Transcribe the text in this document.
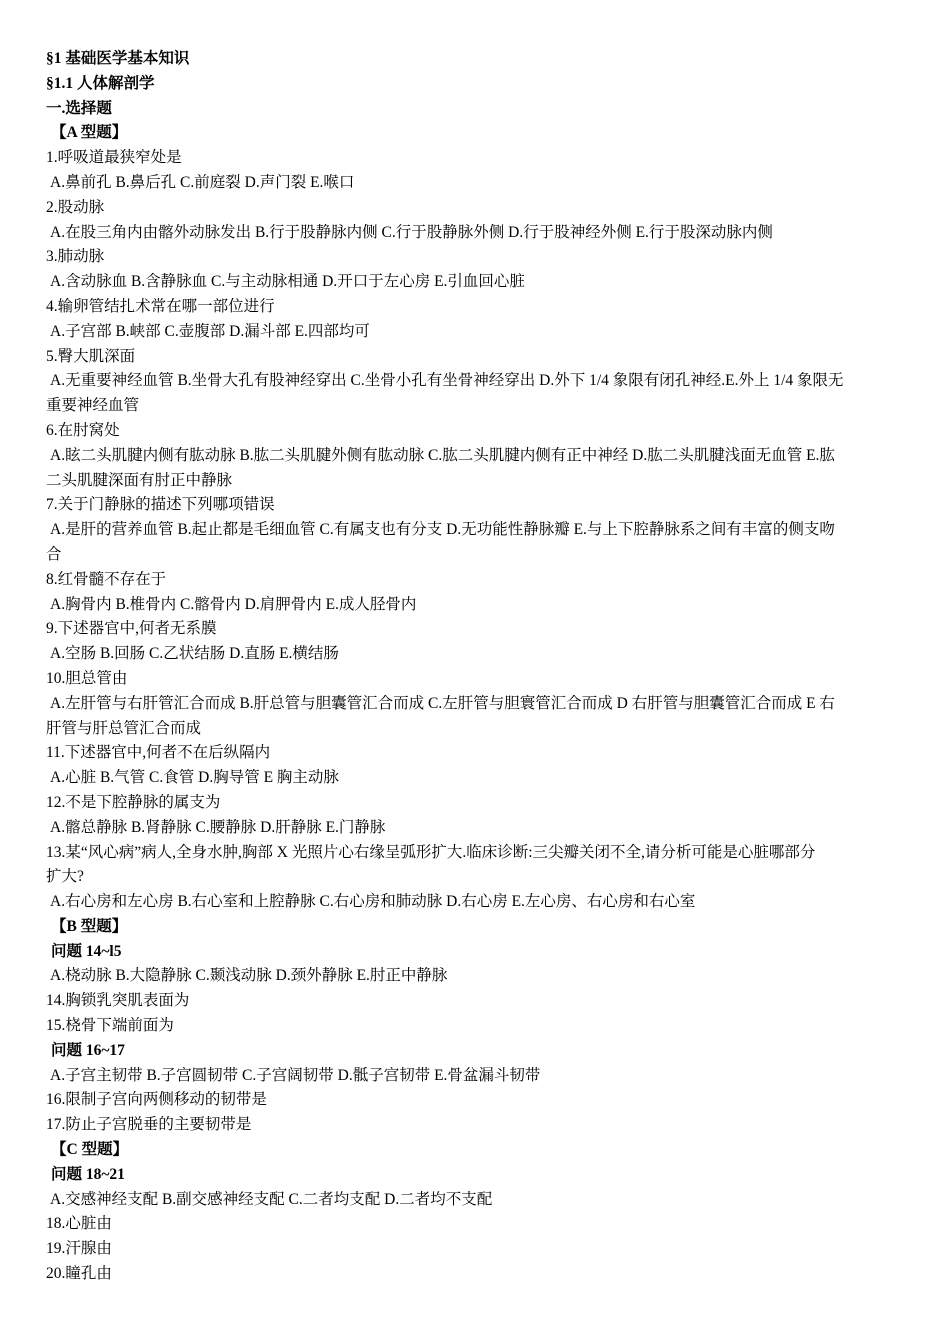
§1 基础医学基本知识
§1.1 人体解剖学
一.选择题
【A 型题】
1.呼吸道最狭窄处是
A.鼻前孔 B.鼻后孔 C.前庭裂 D.声门裂 E.喉口
2.股动脉
A.在股三角内由髂外动脉发出 B.行于股静脉内侧 C.行于股静脉外侧 D.行于股神经外侧 E.行于股深动脉内侧
3.肺动脉
A.含动脉血 B.含静脉血 C.与主动脉相通 D.开口于左心房 E.引血回心脏
4.输卵管结扎术常在哪一部位进行
A.子宫部 B.峡部 C.壶腹部 D.漏斗部 E.四部均可
5.臀大肌深面
A.无重要神经血管 B.坐骨大孔有股神经穿出 C.坐骨小孔有坐骨神经穿出 D.外下 1/4 象限有闭孔神经.E.外上 1/4 象限无
重要神经血管
6.在肘窝处
A.眩二头肌腱内侧有肱动脉 B.肱二头肌腱外侧有肱动脉 C.肱二头肌腱内侧有正中神经 D.肱二头肌腱浅面无血管 E.肱
二头肌腱深面有肘正中静脉
7.关于门静脉的描述下列哪项错误
A.是肝的营养血管 B.起止都是毛细血管 C.有属支也有分支 D.无功能性静脉瓣 E.与上下腔静脉系之间有丰富的侧支吻
合
8.红骨髓不存在于
A.胸骨内 B.椎骨内 C.髂骨内 D.肩胛骨内 E.成人胫骨内
9.下述器官中,何者无系膜
A.空肠 B.回肠 C.乙状结肠 D.直肠 E.横结肠
10.胆总管由
A.左肝管与右肝管汇合而成 B.肝总管与胆囊管汇合而成 C.左肝管与胆寰管汇合而成 D 右肝管与胆囊管汇合而成 E 右
肝管与肝总管汇合而成
11.下述器官中,何者不在后纵隔内
A.心脏 B.气管 C.食管 D.胸导管 E 胸主动脉
12.不是下腔静脉的属支为
A.髂总静脉 B.肾静脉 C.腰静脉 D.肝静脉 E.门静脉
13.某“风心病”病人,全身水肿,胸部 X 光照片心右缘呈弧形扩大.临床诊断:三尖瓣关闭不全,请分析可能是心脏哪部分
扩大?
A.右心房和左心房 B.右心室和上腔静脉 C.右心房和肺动脉 D.右心房 E.左心房、右心房和右心室
【B 型题】
问题 14~l5
A.桡动脉 B.大隐静脉 C.颞浅动脉 D.颈外静脉 E.肘正中静脉
14.胸锁乳突肌表面为
15.桡骨下端前面为
问题 16~17
A.子宫主韧带 B.子宫圆韧带 C.子宫阔韧带 D.骶子宫韧带 E.骨盆漏斗韧带
16.限制子宫向两侧移动的韧带是
17.防止子宫脱垂的主要韧带是
【C 型题】
问题 18~21
A.交感神经支配 B.副交感神经支配 C.二者均支配 D.二者均不支配
18.心脏由
19.汗腺由
20.瞳孔由
